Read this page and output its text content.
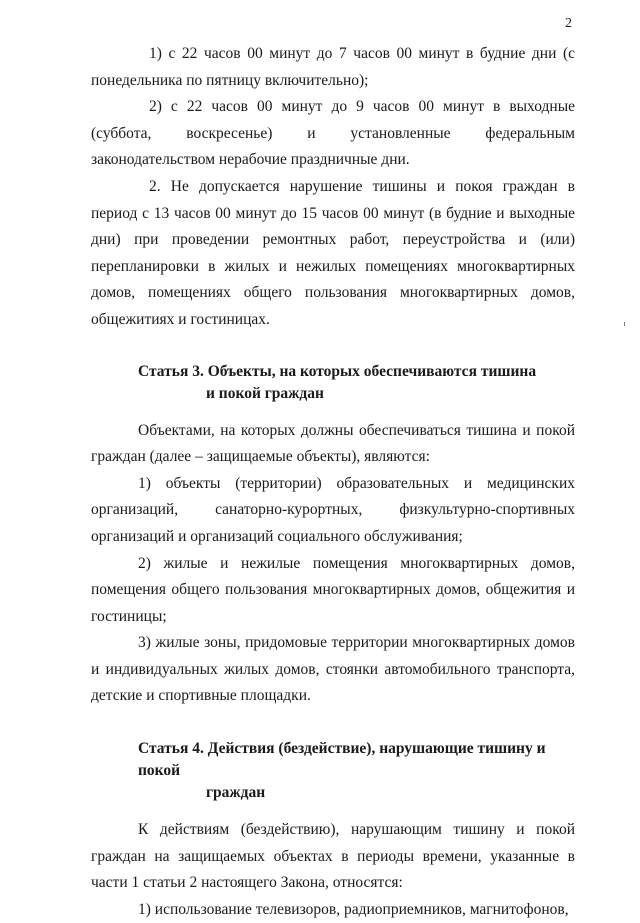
2

1) с 22 часов 00 минут до 7 часов 00 минут в будние дни (с понедельника по пятницу включительно);

2) с 22 часов 00 минут до 9 часов 00 минут в выходные (суббота, воскресенье) и установленные федеральным законодательством нерабочие праздничные дни.

2. Не допускается нарушение тишины и покоя граждан в период с 13 часов 00 минут до 15 часов 00 минут (в будние и выходные дни) при проведении ремонтных работ, переустройства и (или) перепланировки в жилых и нежилых помещениях многоквартирных домов, помещениях общего пользования многоквартирных домов, общежитиях и гостиницах.

Статья 3. Объекты, на которых обеспечиваются тишина
и покой граждан

Объектами, на которых должны обеспечиваться тишина и покой граждан (далее – защищаемые объекты), являются:

1) объекты (территории) образовательных и медицинских организаций, санаторно-курортных, физкультурно-спортивных организаций и организаций социального обслуживания;

2) жилые и нежилые помещения многоквартирных домов, помещения общего пользования многоквартирных домов, общежития и гостиницы;

3) жилые зоны, придомовые территории многоквартирных домов и индивидуальных жилых домов, стоянки автомобильного транспорта, детские и спортивные площадки.

Статья 4. Действия (бездействие), нарушающие тишину и покой
граждан

К действиям (бездействию), нарушающим тишину и покой граждан на защищаемых объектах в периоды времени, указанные в части 1 статьи 2 настоящего Закона, относятся:

1) использование телевизоров, радиоприемников, магнитофонов,
